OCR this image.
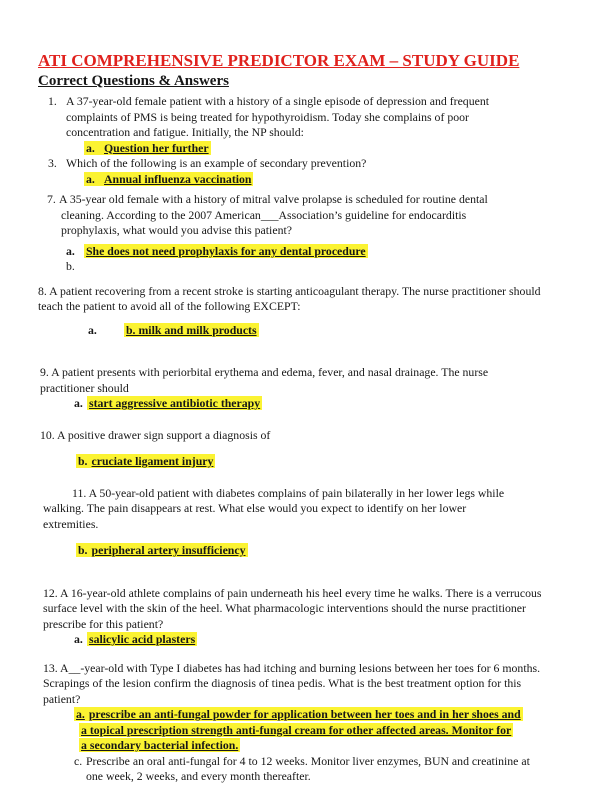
ATI COMPREHENSIVE PREDICTOR EXAM – STUDY GUIDE
Correct Questions & Answers
1. A 37-year-old female patient with a history of a single episode of depression and frequent
complaints of PMS is being treated for hypothyroidism. Today she complains of poor
concentration and fatigue. Initially, the NP should:
a. Question her further
3. Which of the following is an example of secondary prevention?
a. Annual influenza vaccination
7. A 35-year old female with a history of mitral valve prolapse is scheduled for routine dental
cleaning. According to the 2007 American___Association’s guideline for endocarditis
prophylaxis, what would you advise this patient?
a. She does not need prophylaxis for any dental procedure
b.
8. A patient recovering from a recent stroke is starting anticoagulant therapy. The nurse practitioner should
teach the patient to avoid all of the following EXCEPT:
a. b. milk and milk products
9. A patient presents with periorbital erythema and edema, fever, and nasal drainage. The nurse
practitioner should
a. start aggressive antibiotic therapy
10. A positive drawer sign support a diagnosis of
b. cruciate ligament injury
11. A 50-year-old patient with diabetes complains of pain bilaterally in her lower legs while
walking. The pain disappears at rest. What else would you expect to identify on her lower
extremities.
b. peripheral artery insufficiency
12. A 16-year-old athlete complains of pain underneath his heel every time he walks. There is a verrucous
surface level with the skin of the heel. What pharmacologic interventions should the nurse practitioner
prescribe for this patient?
a. salicylic acid plasters
13. A__-year-old with Type I diabetes has had itching and burning lesions between her toes for 6 months.
Scrapings of the lesion confirm the diagnosis of tinea pedis. What is the best treatment option for this
patient?
a. prescribe an anti-fungal powder for application between her toes and in her shoes and
a topical prescription strength anti-fungal cream for other affected areas. Monitor for
a secondary bacterial infection.
c. Prescribe an oral anti-fungal for 4 to 12 weeks. Monitor liver enzymes, BUN and creatinine at
one week, 2 weeks, and every month thereafter.
